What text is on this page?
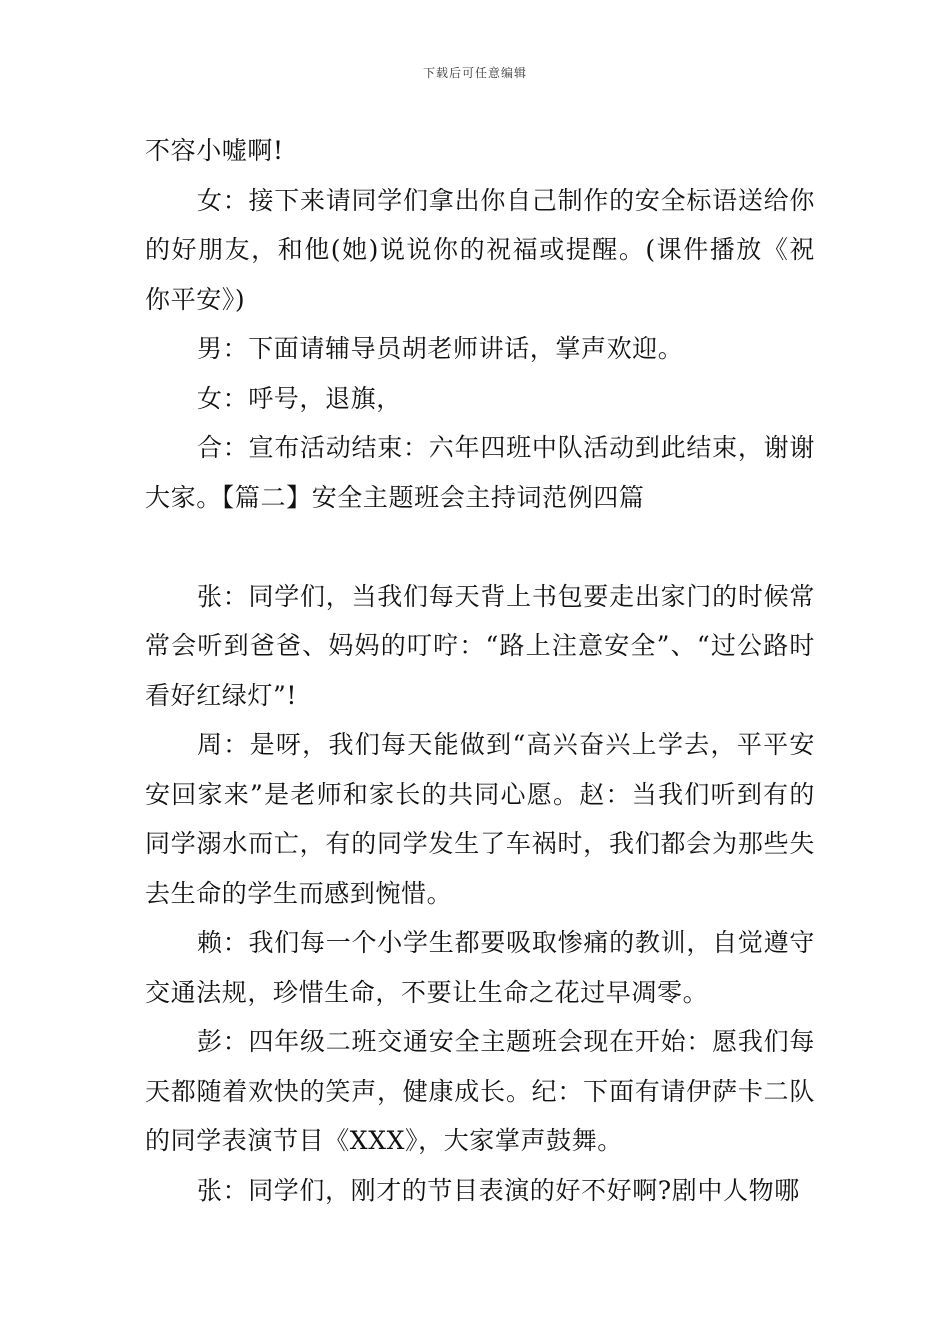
下载后可任意编辑

不容小嘘啊!

女：接下来请同学们拿出你自己制作的安全标语送给你的好朋友，和他(她)说说你的祝福或提醒。(课件播放《祝你平安》)

男：下面请辅导员胡老师讲话，掌声欢迎。

女：呼号，退旗，

合：宣布活动结束：六年四班中队活动到此结束，谢谢大家。【篇二】安全主题班会主持词范例四篇

张：同学们，当我们每天背上书包要走出家门的时候常常会听到爸爸、妈妈的叮咛：“路上注意安全”、“过公路时看好红绿灯”!

周：是呀，我们每天能做到“高兴奋兴上学去，平平安安回家来”是老师和家长的共同心愿。赵：当我们听到有的同学溺水而亡，有的同学发生了车祸时，我们都会为那些失去生命的学生而感到惋惜。

赖：我们每一个小学生都要吸取惨痛的教训，自觉遵守交通法规，珍惜生命，不要让生命之花过早凋零。

彭：四年级二班交通安全主题班会现在开始：愿我们每天都随着欢快的笑声，健康成长。纪：下面有请伊萨卡二队的同学表演节目《XXX》，大家掌声鼓舞。

张：同学们，刚才的节目表演的好不好啊?剧中人物哪
